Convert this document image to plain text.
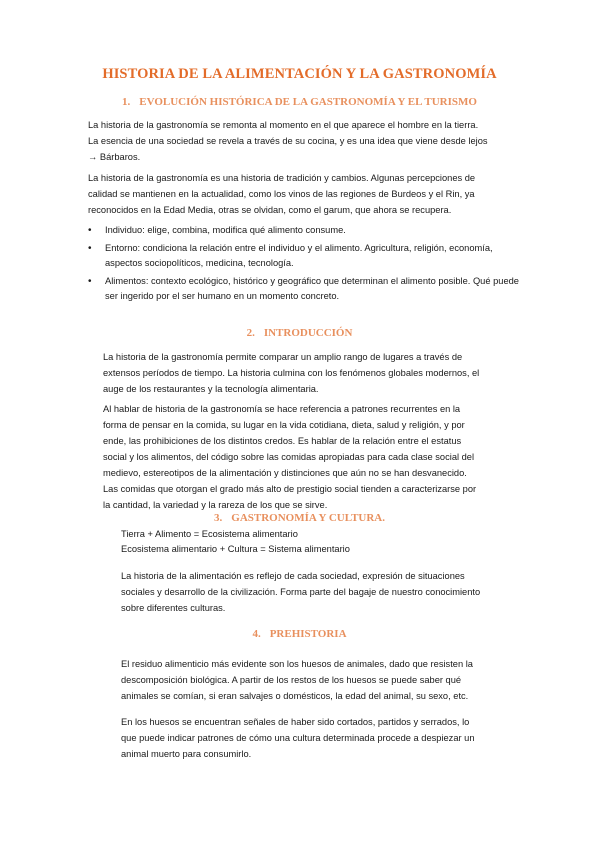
HISTORIA DE LA ALIMENTACIÓN Y LA GASTRONOMÍA
1. EVOLUCIÓN HISTÓRICA DE LA GASTRONOMÍA Y EL TURISMO
La historia de la gastronomía se remonta al momento en el que aparece el hombre en la tierra.
La esencia de una sociedad se revela a través de su cocina, y es una idea que viene desde lejos
→ Bárbaros.
La historia de la gastronomía es una historia de tradición y cambios. Algunas percepciones de
calidad se mantienen en la actualidad, como los vinos de las regiones de Burdeos y el Rin, ya
reconocidos en la Edad Media, otras se olvidan, como el garum, que ahora se recupera.
• Individuo: elige, combina, modifica qué alimento consume.
• Entorno: condiciona la relación entre el individuo y el alimento. Agricultura, religión, economía, aspectos sociopolíticos, medicina, tecnología.
• Alimentos: contexto ecológico, histórico y geográfico que determinan el alimento posible. Qué puede ser ingerido por el ser humano en un momento concreto.
2. INTRODUCCIÓN
La historia de la gastronomía permite comparar un amplio rango de lugares a través de
extensos períodos de tiempo. La historia culmina con los fenómenos globales modernos, el
auge de los restaurantes y la tecnología alimentaria.
Al hablar de historia de la gastronomía se hace referencia a patrones recurrentes en la
forma de pensar en la comida, su lugar en la vida cotidiana, dieta, salud y religión, y por
ende, las prohibiciones de los distintos credos. Es hablar de la relación entre el estatus
social y los alimentos, del código sobre las comidas apropiadas para cada clase social del
medievo, estereotipos de la alimentación y distinciones que aún no se han desvanecido.
Las comidas que otorgan el grado más alto de prestigio social tienden a caracterizarse por
la cantidad, la variedad y la rareza de los que se sirve.
3. GASTRONOMÍA Y CULTURA.
Tierra + Alimento = Ecosistema alimentario
Ecosistema alimentario + Cultura = Sistema alimentario
La historia de la alimentación es reflejo de cada sociedad, expresión de situaciones
sociales y desarrollo de la civilización. Forma parte del bagaje de nuestro conocimiento
sobre diferentes culturas.
4. PREHISTORIA
El residuo alimenticio más evidente son los huesos de animales, dado que resisten la
descomposición biológica. A partir de los restos de los huesos se puede saber qué
animales se comían, si eran salvajes o domésticos, la edad del animal, su sexo, etc.
En los huesos se encuentran señales de haber sido cortados, partidos y serrados, lo
que puede indicar patrones de cómo una cultura determinada procede a despiezar un
animal muerto para consumirlo.
